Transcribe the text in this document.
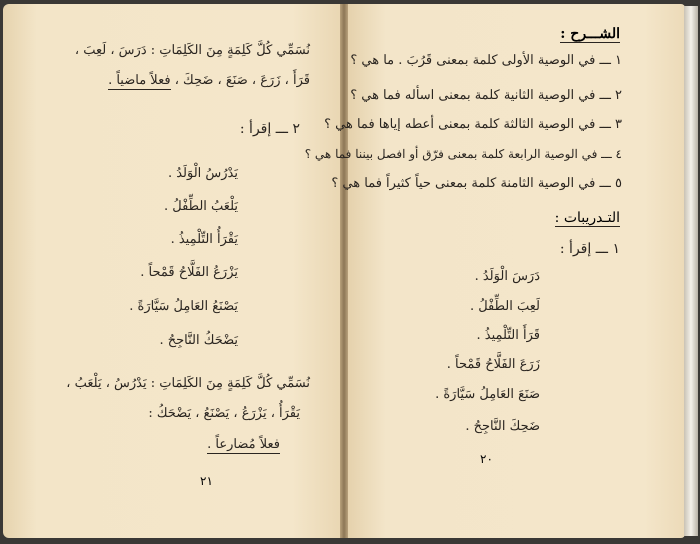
نُسَمِّي كُلَّ كَلِمَةٍ مِنَ الكَلِمَاتِ : دَرَسَ ، لَعِبَ ،
قَرَأَ ، زَرَعَ ، صَنَعَ ، ضَحِكَ ، فعلاً ماضياً .
٢ ـــ إقرأ :
يَدْرُسُ الْوَلَدُ .
يَلْعَبُ الطِّفْلُ .
يَقْرَأُ التِّلْمِيذُ .
يَزْرَعُ الفَلَّاحُ قَمْحاً .
يَصْنَعُ العَامِلُ سَيَّارَةً .
يَضْحَكُ النَّاجِحُ .
نُسَمِّي كُلَّ كَلِمَةٍ مِنَ الكَلِمَاتِ : يَدْرُسُ ، يَلْعَبُ ،
يَقْرَأُ ، يَزْرَعُ ، يَصْنَعُ ، يَضْحَكُ :
فعلاً مُضارعاً .
٢١
الشـــرح :
١ ـــ في الوصية الأولى كلمة بمعنى قَرُبَ . ما هي ؟
٢ ـــ في الوصية الثانية كلمة بمعنى اسأله فما هي ؟
٣ ـــ في الوصية الثالثة كلمة بمعنى أعطه إياها فما هي ؟
٤ ـــ في الوصية الرابعة كلمة بمعنى فرّق أو افصل بيننا فما هي ؟
٥ ـــ في الوصية الثامنة كلمة بمعنى حياً كثيراً فما هي ؟
التـدريبات :
١ ـــ إقرأ :
دَرَسَ الْوَلَدُ .
لَعِبَ الطِّفْلُ .
قَرَأَ التِّلْمِيذُ .
زَرَعَ الفَلَّاحُ قَمْحاً .
صَنَعَ العَامِلُ سَيَّارَةً .
ضَحِكَ النَّاجِحُ .
٢٠
